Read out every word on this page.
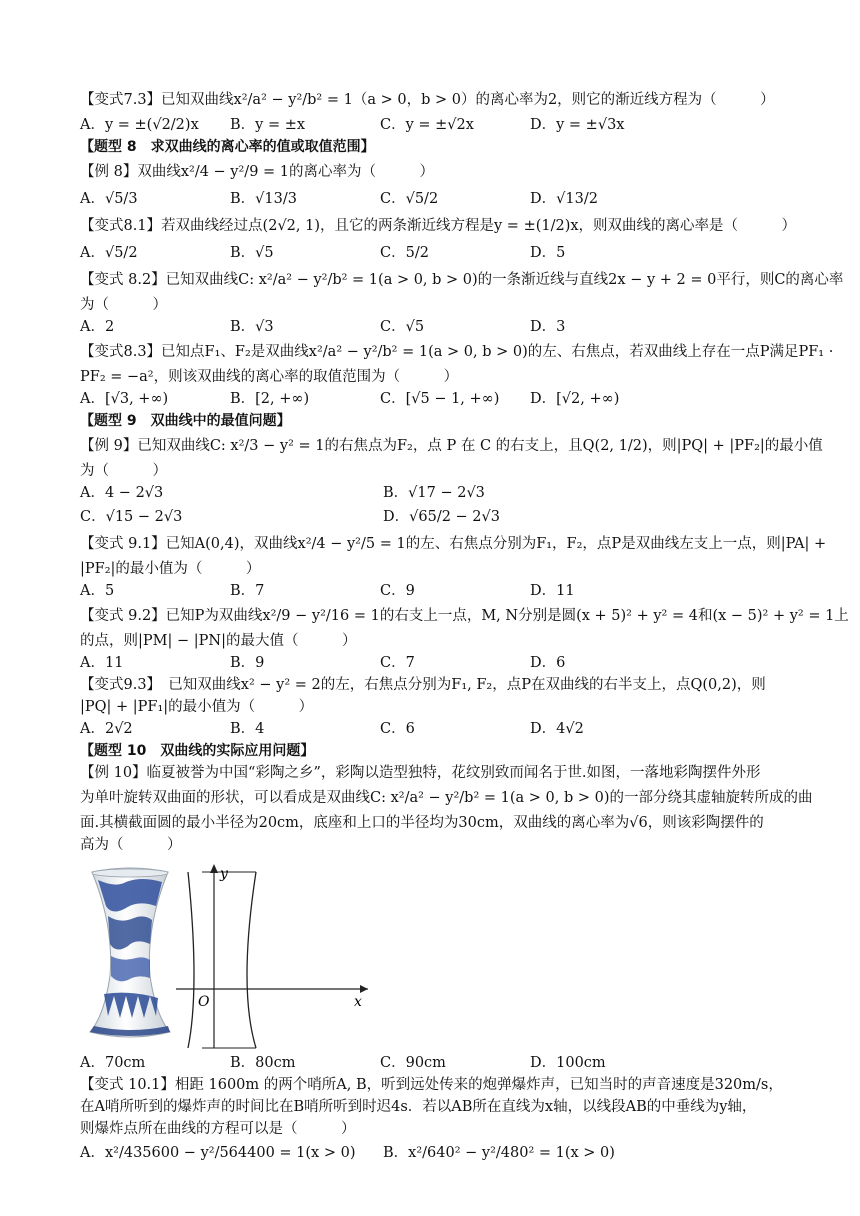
【变式7.3】已知双曲线x²/a² − y²/b² = 1（a > 0，b > 0）的离心率为2，则它的渐近线方程为（　　　）
A．y = ±(√2/2)x	B．y = ±x	C．y = ±√2x	D．y = ±√3x
【题型 8　求双曲线的离心率的值或取值范围】
【例 8】双曲线x²/4 − y²/9 = 1的离心率为（　　　）
A．√5/3	B．√13/3	C．√5/2	D．√13/2
【变式8.1】若双曲线经过点(2√2, 1)，且它的两条渐近线方程是y = ±(1/2)x，则双曲线的离心率是（　　　）
A．√5/2	B．√5	C．5/2	D．5
【变式 8.2】已知双曲线C: x²/a² − y²/b² = 1(a > 0, b > 0)的一条渐近线与直线2x − y + 2 = 0平行，则C的离心率
为（　　　）
A．2	B．√3	C．√5	D．3
【变式8.3】已知点F₁、F₂是双曲线x²/a² − y²/b² = 1(a > 0, b > 0)的左、右焦点，若双曲线上存在一点P满足PF₁ ·
PF₂ = −a²，则该双曲线的离心率的取值范围为（　　　）
A．[√3, +∞)	B．[2, +∞)	C．[√5 − 1, +∞)	D．[√2, +∞)
【题型 9　双曲线中的最值问题】
【例 9】已知双曲线C: x²/3 − y² = 1的右焦点为F₂，点 P 在 C 的右支上，且Q(2, 1/2)，则|PQ| + |PF₂|的最小值
为（　　　）
A．4 − 2√3	B．√17 − 2√3
C．√15 − 2√3	D．√65/2 − 2√3
【变式 9.1】已知A(0,4)，双曲线x²/4 − y²/5 = 1的左、右焦点分别为F₁，F₂，点P是双曲线左支上一点，则|PA| +
|PF₂|的最小值为（　　　）
A．5	B．7	C．9	D．11
【变式 9.2】已知P为双曲线x²/9 − y²/16 = 1的右支上一点，M, N分别是圆(x + 5)² + y² = 4和(x − 5)² + y² = 1上
的点，则|PM| − |PN|的最大值（　　　）
A．11	B．9	C．7	D．6
【变式9.3】　已知双曲线x² − y² = 2的左，右焦点分别为F₁, F₂，点P在双曲线的右半支上，点Q(0,2)，则
|PQ| + |PF₁|的最小值为（　　　）
A．2√2	B．4	C．6	D．4√2
【题型 10　双曲线的实际应用问题】
【例 10】临夏被誉为中国“彩陶之乡”，彩陶以造型独特，花纹别致而闻名于世.如图，一落地彩陶摆件外形
为单叶旋转双曲面的形状，可以看成是双曲线C: x²/a² − y²/b² = 1(a > 0, b > 0)的一部分绕其虚轴旋转所成的曲
面.其横截面圆的最小半径为20cm，底座和上口的半径均为30cm，双曲线的离心率为√6，则该彩陶摆件的
高为（　　　）
y
x
O
A．70cm	B．80cm	C．90cm	D．100cm
【变式 10.1】相距 1600m 的两个哨所A, B，听到远处传来的炮弹爆炸声，已知当时的声音速度是320m/s，
在A哨所听到的爆炸声的时间比在B哨所听到时迟4s．若以AB所在直线为x轴，以线段AB的中垂线为y轴，
则爆炸点所在曲线的方程可以是（　　　）
A．x²/435600 − y²/564400 = 1(x > 0)	B．x²/640² − y²/480² = 1(x > 0)
